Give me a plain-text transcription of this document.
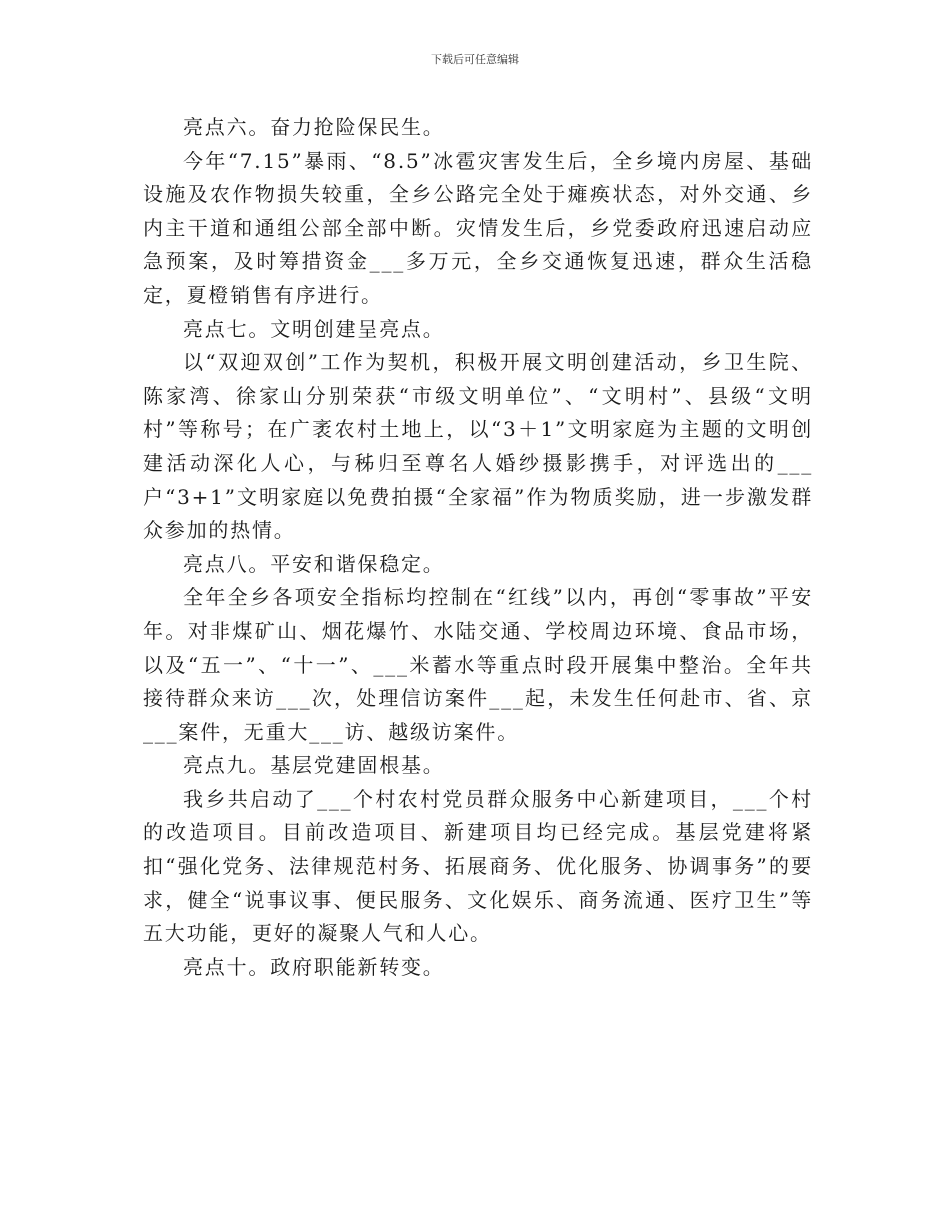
下载后可任意编辑

亮点六。奋力抢险保民生。

今年“7.15”暴雨、“8.5”冰雹灾害发生后，全乡境内房屋、基础设施及农作物损失较重，全乡公路完全处于瘫痪状态，对外交通、乡内主干道和通组公部全部中断。灾情发生后，乡党委政府迅速启动应急预案，及时筹措资金___多万元，全乡交通恢复迅速，群众生活稳定，夏橙销售有序进行。

亮点七。文明创建呈亮点。

以“双迎双创”工作为契机，积极开展文明创建活动，乡卫生院、陈家湾、徐家山分别荣获“市级文明单位”、“文明村”、县级“文明村”等称号；在广袤农村土地上，以“3＋1”文明家庭为主题的文明创建活动深化人心，与秭归至尊名人婚纱摄影携手，对评选出的___户“3+1”文明家庭以免费拍摄“全家福”作为物质奖励，进一步激发群众参加的热情。

亮点八。平安和谐保稳定。

全年全乡各项安全指标均控制在“红线”以内，再创“零事故”平安年。对非煤矿山、烟花爆竹、水陆交通、学校周边环境、食品市场，以及“五一”、“十一”、___米蓄水等重点时段开展集中整治。全年共接待群众来访___次，处理信访案件___起，未发生任何赴市、省、京___案件，无重大___访、越级访案件。

亮点九。基层党建固根基。

我乡共启动了___个村农村党员群众服务中心新建项目，___个村的改造项目。目前改造项目、新建项目均已经完成。基层党建将紧扣“强化党务、法律规范村务、拓展商务、优化服务、协调事务”的要求，健全“说事议事、便民服务、文化娱乐、商务流通、医疗卫生”等五大功能，更好的凝聚人气和人心。

亮点十。政府职能新转变。
